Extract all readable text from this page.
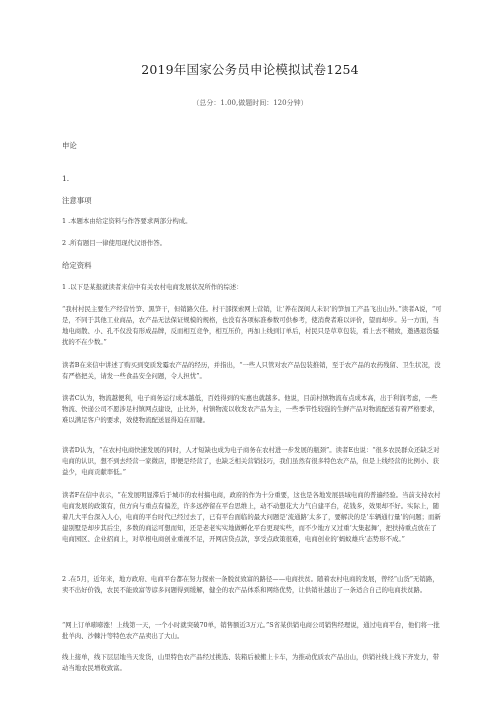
2019年国家公务员申论模拟试卷1254
（总分：1.00,做题时间：120分钟）
申论
1.
注意事项
1 .本题本由给定资料与作答要求两部分构成。
2 .所有题目一律使用现代汉语作答。
给定资料
1 .以下是某报就读者来信中有关农村电商发展状况所作的综述：
“我村村民主要生产经营竹笋、黑笋干，但销路欠佳。村干部探索网上营销，让‘养在深闺人未识’的笋加工产品飞出山外。”读者A说，“可是，不同于其他工业商品，农产品无法保证规模的规格，也没有各项标准参数可供参考，使消费者难以评价，望而却步。另一方面，当地电商散、小、孔不仅没有形成品牌，反而相互竞争，相互压价，再加上线到订单后，村民只是草草包装，看上去不精致，邀遇退货骚扰的不在少数。”
读者B在来信中讲述了购买到变质发霉农产品的经历，并指出，“一些人只管对农产品包装推销，至于农产品的农药残留、卫生状况，没有严格把关，请发一些食品安全问题，令人担忧”。
读者C认为，物流越便利，电子商务运行成本越低，百姓得到的实惠也就越多。他说，目前村镇物流布点成本高，出于利润考虑，一些物流、快递公司不愿涉足村镇网点建设，止比外，村镇物流以收发农产品为主，一些季节性较强的生鲜产品对物流配送有着严格要求，难以满足客户的要求，效使物流配送显得迫在眉睫。
读者D认为，“在农村电商快速发展的同时，人才短缺也成为电子商务在农村进一步发展的瓶颈”。读者E也说：“很多农民群众还缺乏对电商的认识，想不到去经营一家微店，即便是经营了，也缺乏相关营销技巧，我们虽然有很多特色农产品，但是上线经营的比例小、获益少，电商贡献率低。”
读者F在信中表示，“在发展明显滞后于城市的农村搞电商，政府的作为十分重要，这也是各地发展县域电商的普遍经验。当前支持农村电商发展的政策有，但方向与重点有偏差，许多远停留在平台思维上，动不动想花大力气自建平台，花钱多，效果却不好。实际上，随着几大平台深入人心，电商的平台时代已经过去了，已有平台面临的最大问题是‘流通路’太多了，要解决的是‘车辆通行量’的问题；而新建别墅是却步其后尘，多数的商运可想而知，还是老老实实地做孵化平台更现实些，而不少地方又过重‘大集起舞’，把扶持重点放在了电商园区、企业招商上，对草根电商创业重视不足，开网店贷点款，享受点政策很难，电商创业的‘蚂蚁雄兵’态势形不成。”
2 .在5月，近年来，地方政府、电商平台都在努力探索一条脱贫致富的路径——电商扶贫。随着农村电商的发展，曾经“山货”无销路，卖不出好价钱，农民不能致富等谚多问题得到缓解，健全的农产品体系和网络优势，让供销社越出了一条适合自己的电商扶贫路。
“网上订单嘭嘭涨！上线第一天，一个小时就突破70单，销售额近3万元。”S省某供销电商公司销售经理说，通过电商平台，他们将一批批羊肉、沙棘汁等特色农产品卖出了大山。
线上接单，线下层层地当天发货，山里特色农产品经过挑选、装箱后被搬上卡车，为推动优质农产品出山，供销社线上线下齐发力，带动当地农民增收致富。
